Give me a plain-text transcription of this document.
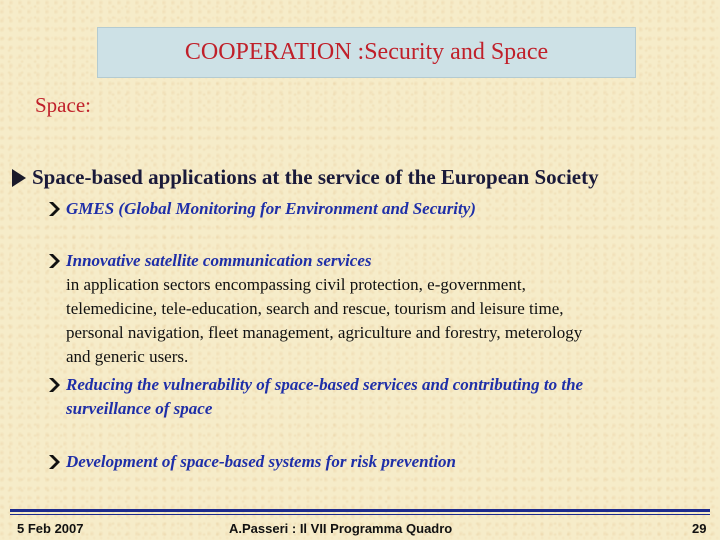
COOPERATION :Security and Space
Space:
Space-based applications at the service of the European Society
GMES (Global Monitoring for Environment and Security)
Innovative satellite communication services
in application sectors encompassing civil protection, e-government,
telemedicine, tele-education, search and rescue, tourism and leisure time,
personal navigation, fleet management, agriculture and forestry, meterology
and generic users.
Reducing the vulnerability of space-based services and contributing to the
surveillance of space
Development of space-based systems for risk prevention
5 Feb 2007	A.Passeri : Il VII Programma Quadro	29
